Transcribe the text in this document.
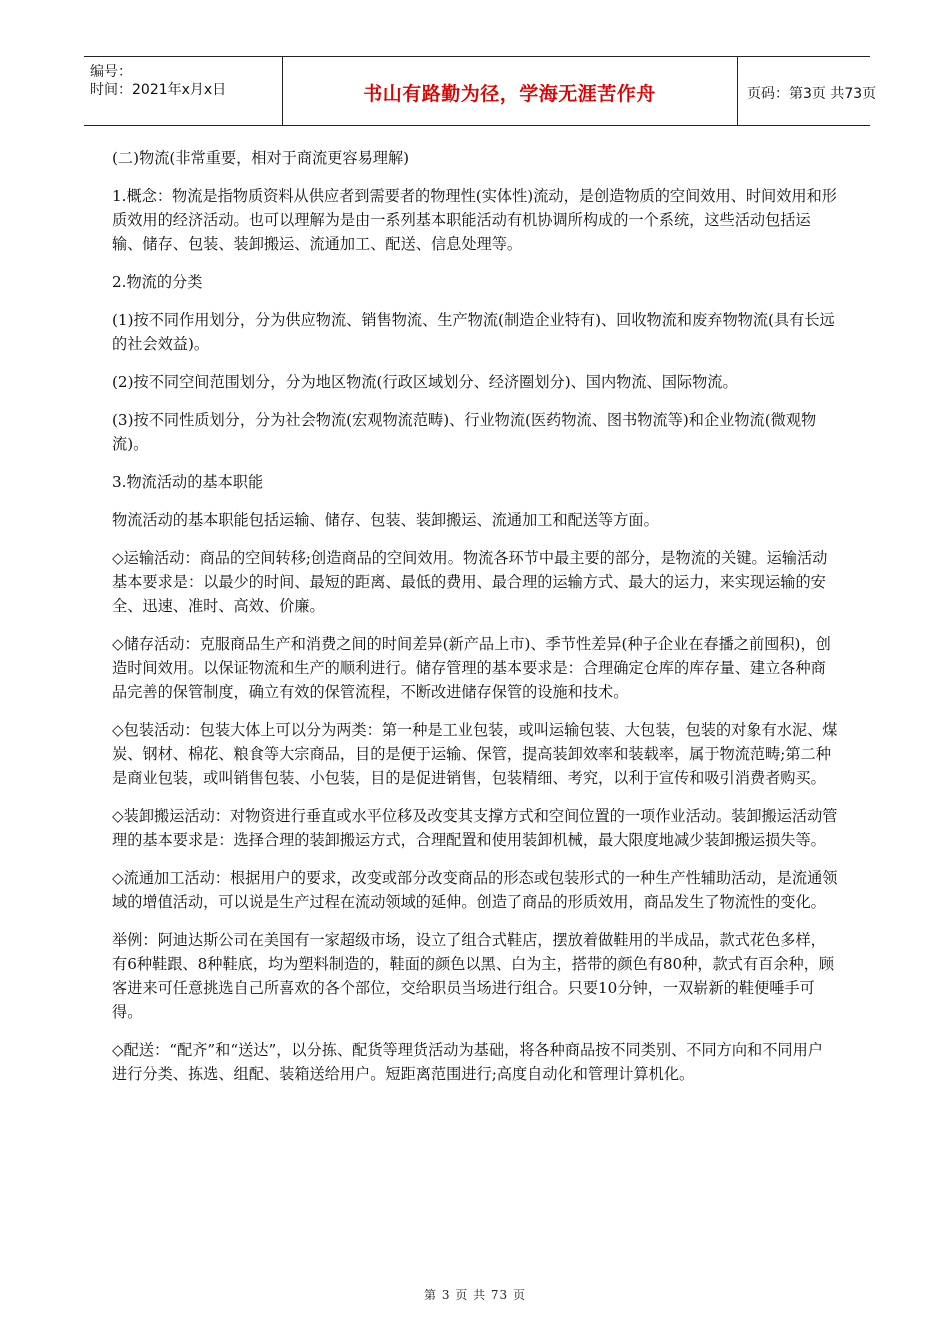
编号：
时间：2021年x月x日	书山有路勤为径，学海无涯苦作舟	页码：第3页 共73页

(二)物流(非常重要，相对于商流更容易理解)

1.概念：物流是指物质资料从供应者到需要者的物理性(实体性)流动，是创造物质的空间效用、时间效用和形质效用的经济活动。也可以理解为是由一系列基本职能活动有机协调所构成的一个系统，这些活动包括运输、储存、包装、装卸搬运、流通加工、配送、信息处理等。

2.物流的分类

(1)按不同作用划分，分为供应物流、销售物流、生产物流(制造企业特有)、回收物流和废弃物物流(具有长远的社会效益)。

(2)按不同空间范围划分，分为地区物流(行政区域划分、经济圈划分)、国内物流、国际物流。

(3)按不同性质划分，分为社会物流(宏观物流范畴)、行业物流(医药物流、图书物流等)和企业物流(微观物流)。

3.物流活动的基本职能

物流活动的基本职能包括运输、储存、包装、装卸搬运、流通加工和配送等方面。

◇运输活动：商品的空间转移;创造商品的空间效用。物流各环节中最主要的部分，是物流的关键。运输活动基本要求是：以最少的时间、最短的距离、最低的费用、最合理的运输方式、最大的运力，来实现运输的安全、迅速、准时、高效、价廉。

◇储存活动：克服商品生产和消费之间的时间差异(新产品上市)、季节性差异(种子企业在春播之前囤积)，创造时间效用。以保证物流和生产的顺利进行。储存管理的基本要求是：合理确定仓库的库存量、建立各种商品完善的保管制度，确立有效的保管流程，不断改进储存保管的设施和技术。

◇包装活动：包装大体上可以分为两类：第一种是工业包装，或叫运输包装、大包装，包装的对象有水泥、煤炭、钢材、棉花、粮食等大宗商品，目的是便于运输、保管，提高装卸效率和装载率，属于物流范畴;第二种是商业包装，或叫销售包装、小包装，目的是促进销售，包装精细、考究，以利于宣传和吸引消费者购买。

◇装卸搬运活动：对物资进行垂直或水平位移及改变其支撑方式和空间位置的一项作业活动。装卸搬运活动管理的基本要求是：选择合理的装卸搬运方式，合理配置和使用装卸机械，最大限度地减少装卸搬运损失等。

◇流通加工活动：根据用户的要求，改变或部分改变商品的形态或包装形式的一种生产性辅助活动，是流通领域的增值活动，可以说是生产过程在流动领域的延伸。创造了商品的形质效用，商品发生了物流性的变化。

举例：阿迪达斯公司在美国有一家超级市场，设立了组合式鞋店，摆放着做鞋用的半成品，款式花色多样，有6种鞋跟、8种鞋底，均为塑料制造的，鞋面的颜色以黑、白为主，搭带的颜色有80种，款式有百余种，顾客进来可任意挑选自己所喜欢的各个部位，交给职员当场进行组合。只要10分钟，一双崭新的鞋便唾手可得。

◇配送：“配齐”和“送达”，以分拣、配货等理货活动为基础，将各种商品按不同类别、不同方向和不同用户进行分类、拣选、组配、装箱送给用户。短距离范围进行;高度自动化和管理计算机化。

第 3 页 共 73 页
